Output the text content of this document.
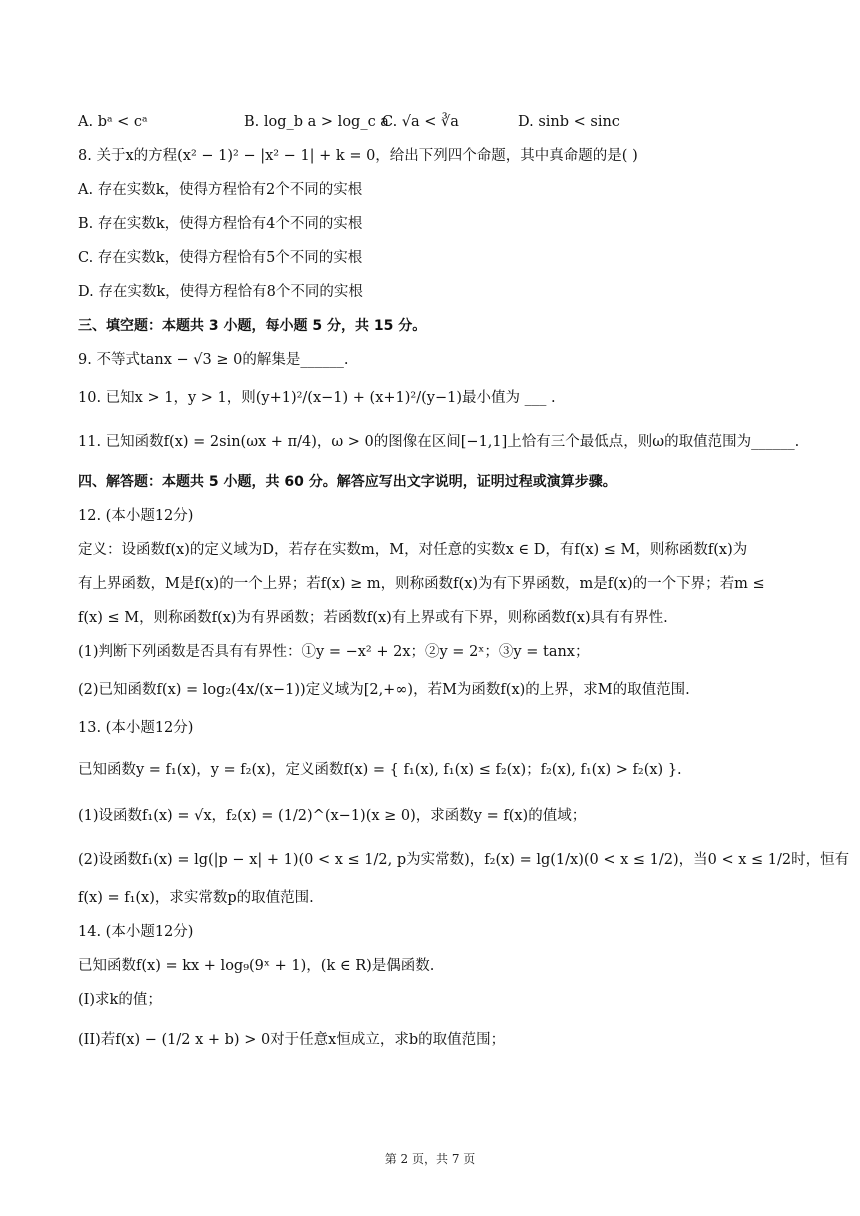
A. bᵃ < cᵃ	B. log_b a > log_c a
C. √a < ∛a	D. sinb < sinc
8. 关于x的方程(x² − 1)² − |x² − 1| + k = 0，给出下列四个命题，其中真命题的是( )
A. 存在实数k，使得方程恰有2个不同的实根
B. 存在实数k，使得方程恰有4个不同的实根
C. 存在实数k，使得方程恰有5个不同的实根
D. 存在实数k，使得方程恰有8个不同的实根
三、填空题：本题共 3 小题，每小题 5 分，共 15 分。
9. 不等式tanx − √3 ≥ 0的解集是______.
10. 已知x > 1，y > 1，则(y+1)²/(x−1) + (x+1)²/(y−1)最小值为 ___ .
11. 已知函数f(x) = 2sin(ωx + π/4)，ω > 0的图像在区间[−1,1]上恰有三个最低点，则ω的取值范围为______.
四、解答题：本题共 5 小题，共 60 分。解答应写出文字说明，证明过程或演算步骤。
12. (本小题12分)
定义：设函数f(x)的定义域为D，若存在实数m，M，对任意的实数x ∈ D，有f(x) ≤ M，则称函数f(x)为
有上界函数，M是f(x)的一个上界；若f(x) ≥ m，则称函数f(x)为有下界函数，m是f(x)的一个下界；若m ≤
f(x) ≤ M，则称函数f(x)为有界函数；若函数f(x)有上界或有下界，则称函数f(x)具有有界性.
(1)判断下列函数是否具有有界性：①y = −x² + 2x；②y = 2ˣ；③y = tanx；
(2)已知函数f(x) = log₂(4x/(x−1))定义域为[2,+∞)，若M为函数f(x)的上界，求M的取值范围.
13. (本小题12分)
已知函数y = f₁(x)，y = f₂(x)，定义函数f(x) = { f₁(x), f₁(x) ≤ f₂(x)；f₂(x), f₁(x) > f₂(x) }.
(1)设函数f₁(x) = √x，f₂(x) = (1/2)^(x−1)(x ≥ 0)，求函数y = f(x)的值域；
(2)设函数f₁(x) = lg(|p − x| + 1)(0 < x ≤ 1/2, p为实常数)，f₂(x) = lg(1/x)(0 < x ≤ 1/2)，当0 < x ≤ 1/2时，恒有
f(x) = f₁(x)，求实常数p的取值范围.
14. (本小题12分)
已知函数f(x) = kx + log₉(9ˣ + 1)，(k ∈ R)是偶函数.
(I)求k的值；
(II)若f(x) − (1/2 x + b) > 0对于任意x恒成立，求b的取值范围；
第 2 页，共 7 页
